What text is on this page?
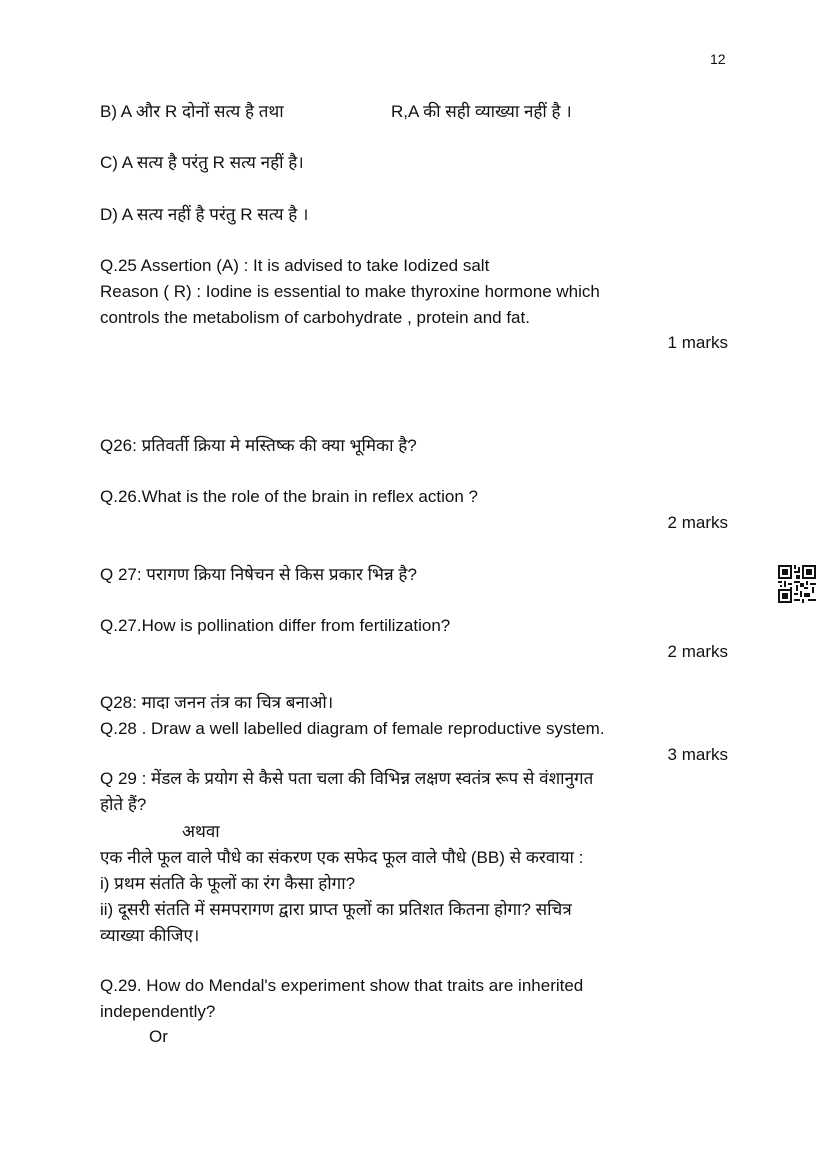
12
B) A और R दोनों सत्य है तथा	R,A की सही व्याख्या नहीं है ।
C) A सत्य है परंतु R सत्य नहीं है।
D) A सत्य नहीं है परंतु R सत्य है ।
Q.25 Assertion (A) : It is advised to take Iodized salt
Reason ( R) : Iodine is essential to make thyroxine hormone which
controls the metabolism of carbohydrate , protein and fat.
1 marks
Q26: प्रतिवर्ती क्रिया मे मस्तिष्क की क्या भूमिका है?
Q.26.What is the role of the brain in reflex action ?
2 marks
Q 27: परागण क्रिया निषेचन से किस प्रकार भिन्न है?
Q.27.How is pollination differ from fertilization?
2 marks
Q28: मादा जनन तंत्र का चित्र बनाओ।
Q.28 . Draw a well labelled diagram of female reproductive system.
3 marks
Q 29 : मेंडल के प्रयोग से कैसे पता चला की विभिन्न लक्षण स्वतंत्र रूप से वंशानुगत
होते हैं?
अथवा
एक नीले फूल वाले पौधे का संकरण एक सफेद फूल वाले पौधे (BB) से करवाया :
i) प्रथम संतति के फूलों का रंग कैसा होगा?
ii) दूसरी संतति में समपरागण द्वारा प्राप्त फूलों का प्रतिशत कितना होगा? सचित्र
व्याख्या कीजिए।
Q.29. How do Mendal's experiment show that traits are inherited
independently?
Or
